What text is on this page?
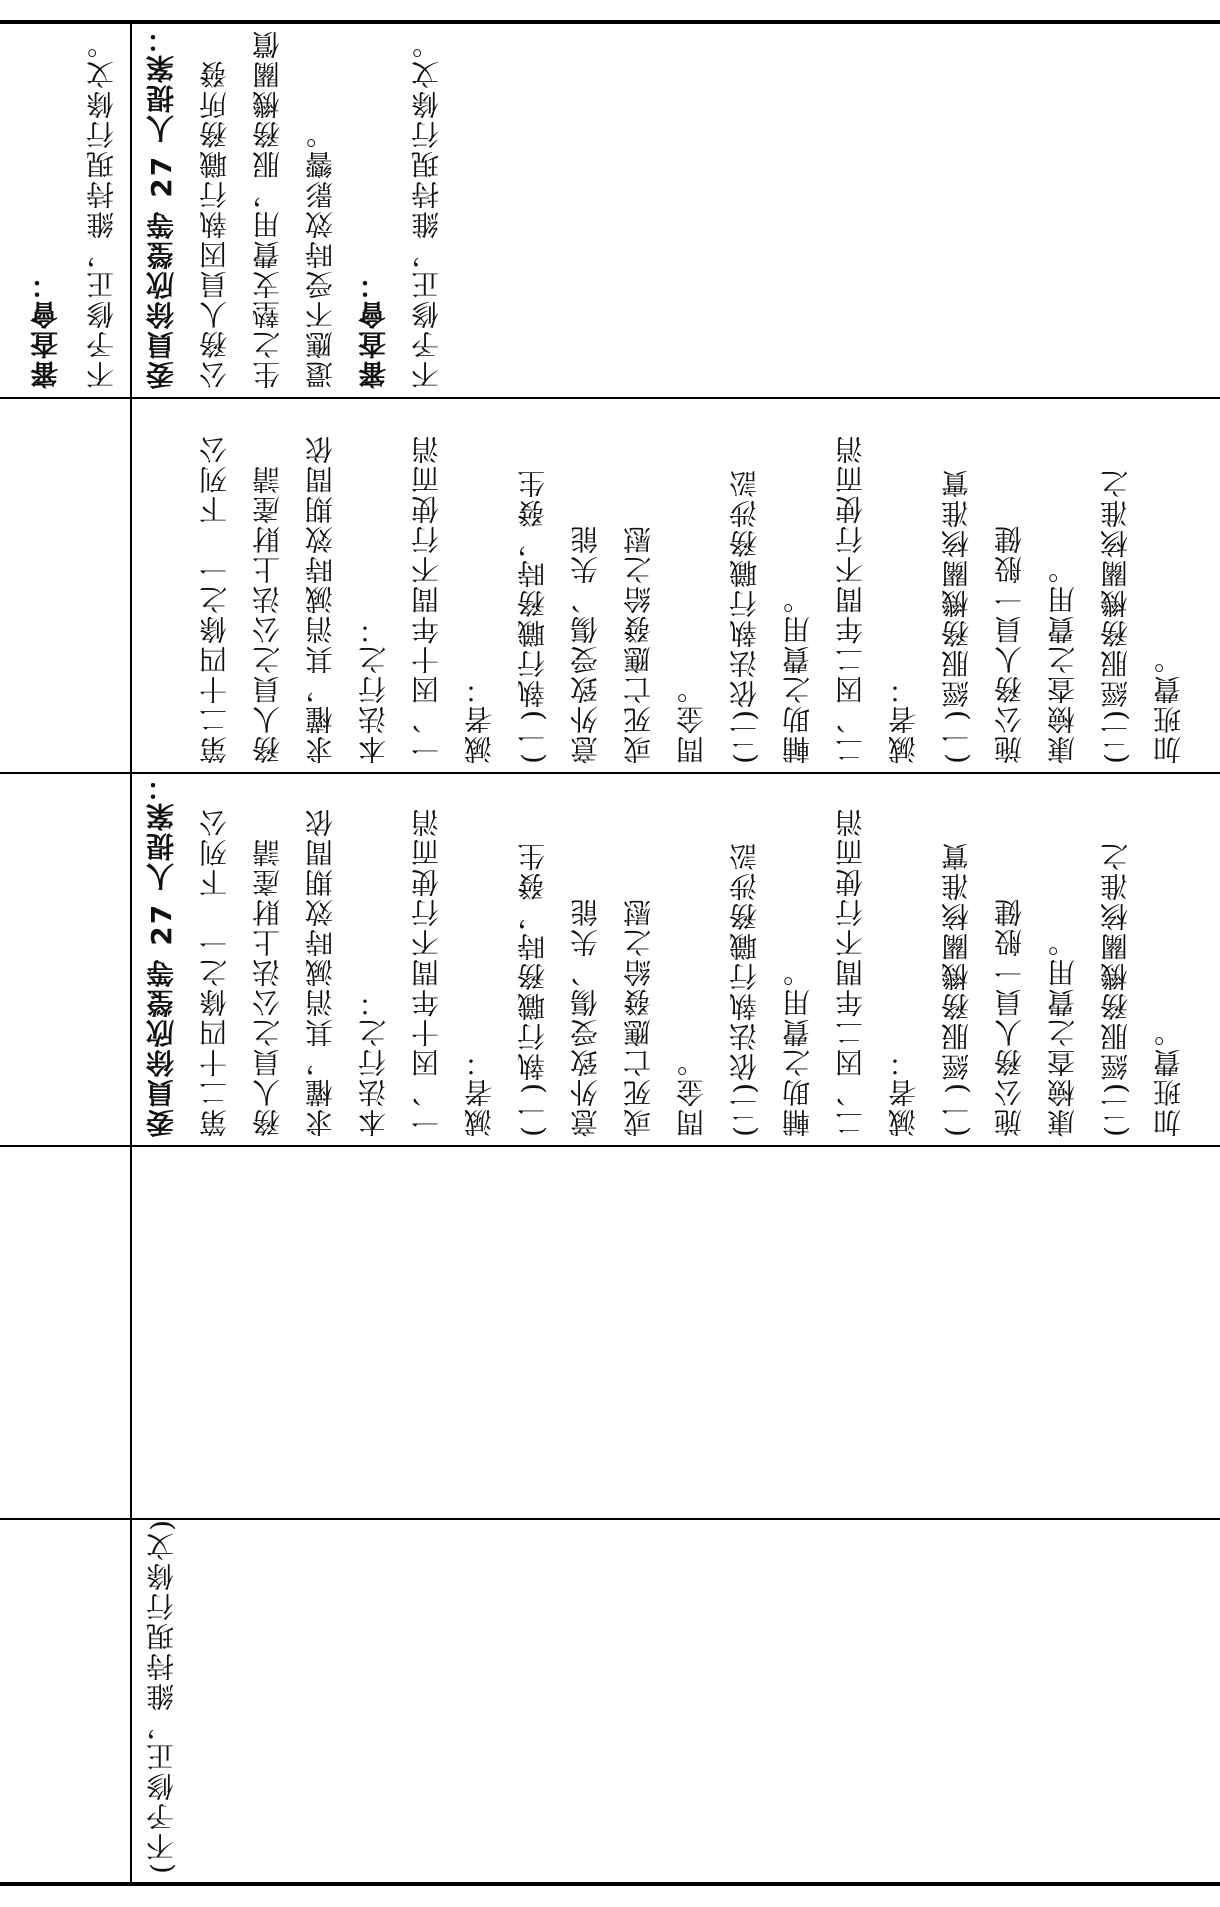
審查會： 不予修正，維持現行條文。 委員徐欣瑩等 27 人提案： 公務人員因執行職務所發 生之墊支費用，服務機關償 還應不受時效影響。 審查會： 不予修正，維持現行條文。
第二十四條之一　下列公 務人員之公法上財產請 求權，其消滅時效期間依 本法行之： 一、因十年間不行使而消 滅者： (一)執行職務時，發生 意外致受傷、失能 或死亡應發給之慰 問金。 (二)依法執行職務涉訟 輔助之費用。 二、因二年間不行使而消 滅者： (一)經服務機關核准實 施公務人員一般健 康檢查之費用。 (二)經服務機關核准之 加班費。
委員徐欣瑩等 27 人提案： 第二十四條之一　下列公 務人員之公法上財產請 求權，其消滅時效期間依 本法行之： 一、因十年間不行使而消 滅者： (一)執行職務時，發生 意外致受傷、失能 或死亡應發給之慰 問金。 (二)依法執行職務涉訟 輔助之費用。 二、因二年間不行使而消 滅者： (一)經服務機關核准實 施公務人員一般健 康檢查之費用。 (二)經服務機關核准之 加班費。
(不予修正，維持現行條文)
